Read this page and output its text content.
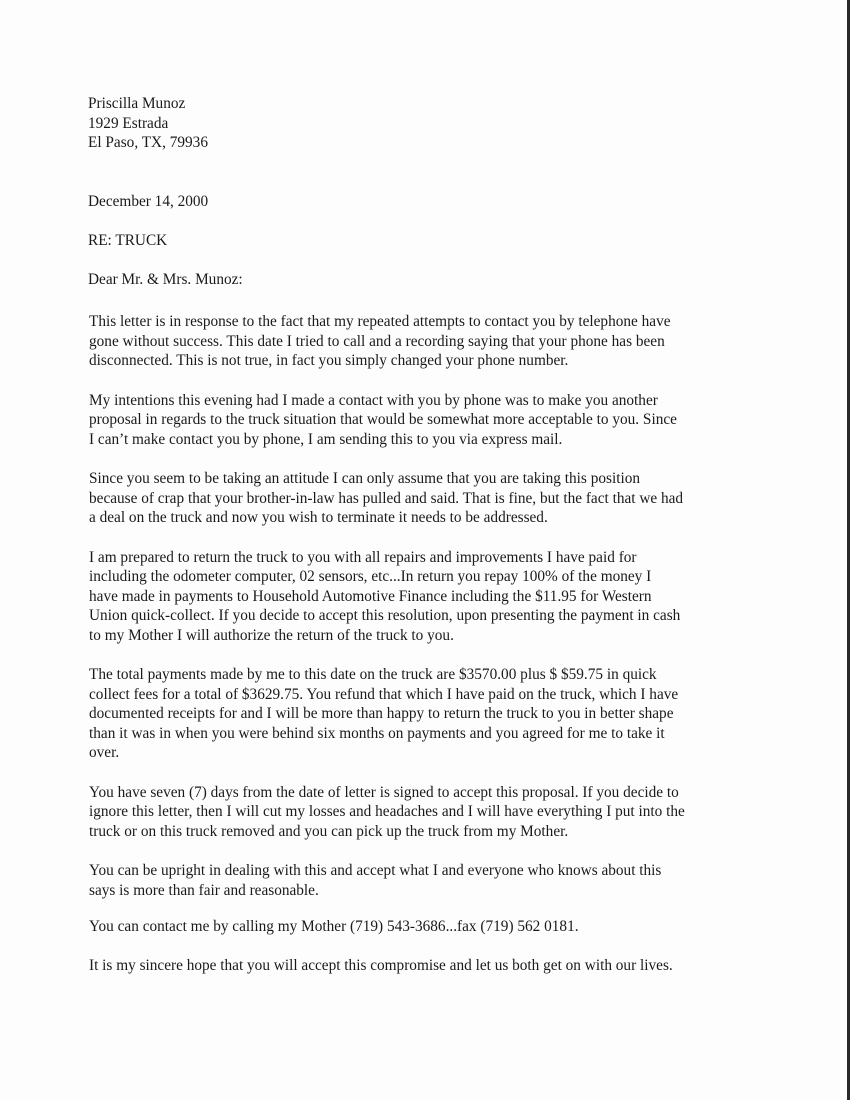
Priscilla Munoz
1929 Estrada
El Paso, TX, 79936
December 14, 2000
RE: TRUCK
Dear Mr. & Mrs. Munoz:
This letter is in response to the fact that my repeated attempts to contact you by telephone have
gone without success. This date I tried to call and a recording saying that your phone has been
disconnected. This is not true, in fact you simply changed your phone number.
My intentions this evening had I made a contact with you by phone was to make you another
proposal in regards to the truck situation that would be somewhat more acceptable to you. Since
I can’t make contact you by phone, I am sending this to you via express mail.
Since you seem to be taking an attitude I can only assume that you are taking this position
because of crap that your brother-in-law has pulled and said. That is fine, but the fact that we had
a deal on the truck and now you wish to terminate it needs to be addressed.
I am prepared to return the truck to you with all repairs and improvements I have paid for
including the odometer computer, 02 sensors, etc...In return you repay 100% of the money I
have made in payments to Household Automotive Finance including the $11.95 for Western
Union quick-collect. If you decide to accept this resolution, upon presenting the payment in cash
to my Mother I will authorize the return of the truck to you.
The total payments made by me to this date on the truck are $3570.00 plus $ $59.75 in quick
collect fees for a total of $3629.75. You refund that which I have paid on the truck, which I have
documented receipts for and I will be more than happy to return the truck to you in better shape
than it was in when you were behind six months on payments and you agreed for me to take it
over.
You have seven (7) days from the date of letter is signed to accept this proposal. If you decide to
ignore this letter, then I will cut my losses and headaches and I will have everything I put into the
truck or on this truck removed and you can pick up the truck from my Mother.
You can be upright in dealing with this and accept what I and everyone who knows about this
says is more than fair and reasonable.
You can contact me by calling my Mother (719) 543-3686...fax (719) 562 0181.
It is my sincere hope that you will accept this compromise and let us both get on with our lives.
